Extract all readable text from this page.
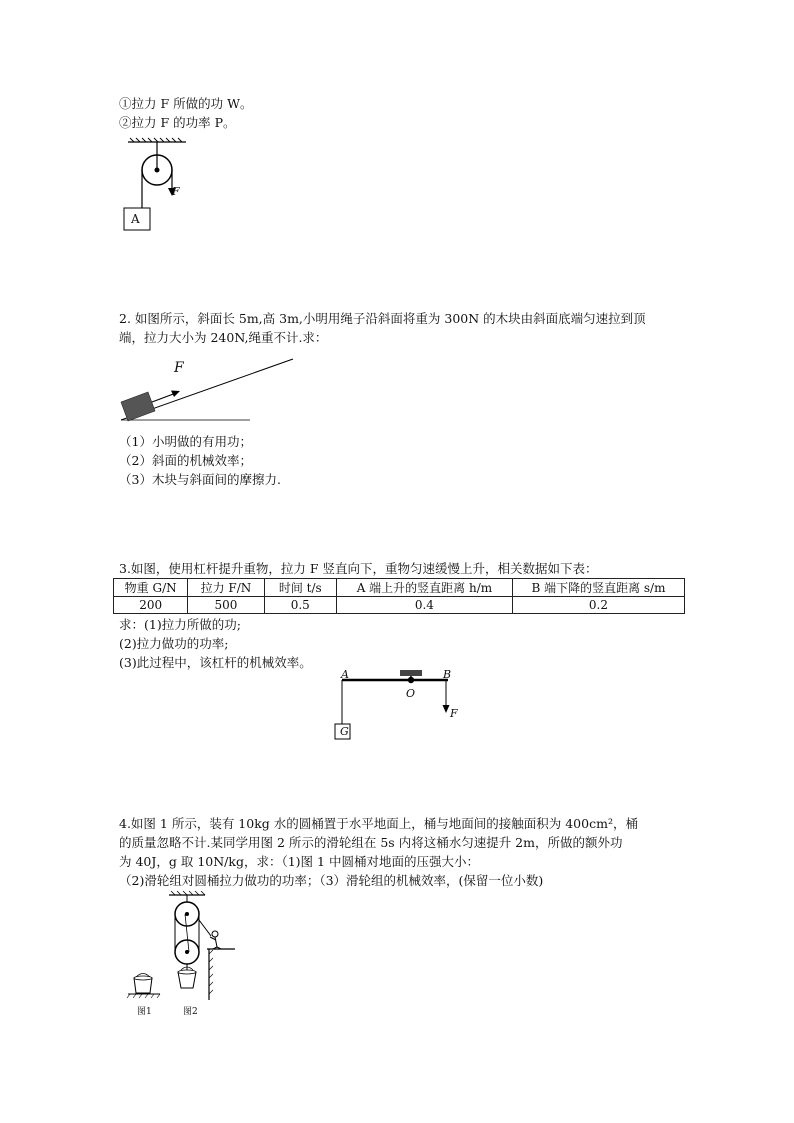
①拉力 F 所做的功 W。
②拉力 F 的功率 P。
F
A
2. 如图所示，斜面长 5m,高 3m,小明用绳子沿斜面将重为 300N 的木块由斜面底端匀速拉到顶
端，拉力大小为 240N,绳重不计.求：
F
（1）小明做的有用功；
（2）斜面的机械效率；
（3）木块与斜面间的摩擦力.
3.如图，使用杠杆提升重物，拉力 F 竖直向下，重物匀速缓慢上升，相关数据如下表：
物重 G/N	拉力 F/N	时间 t/s	A 端上升的竖直距离 h/m	B 端下降的竖直距离 s/m
200	500	0.5	0.4	0.2
求：(1)拉力所做的功;
(2)拉力做功的功率;
(3)此过程中，该杠杆的机械效率。
A	B
O
F
G
4.如图 1 所示，装有 10kg 水的圆桶置于水平地面上，桶与地面间的接触面积为 400cm²，桶
的质量忽略不计.某同学用图 2 所示的滑轮组在 5s 内将这桶水匀速提升 2m，所做的额外功
为 40J，g 取 10N/kg，求：（1)图 1 中圆桶对地面的压强大小：
（2)滑轮组对圆桶拉力做功的功率；（3）滑轮组的机械效率，(保留一位小数)
图1	图2
